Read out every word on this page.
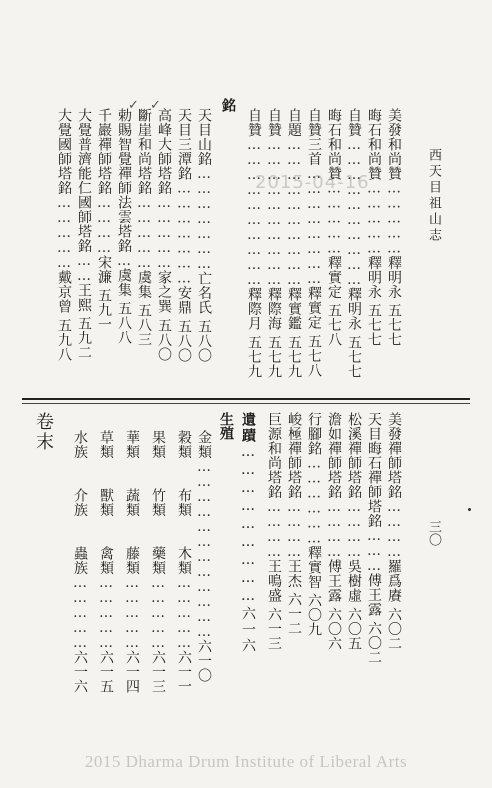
西天目祖山志
2015-04-16
✓ ✓
美發和尚贊……………釋明永五七七
晦石和尚贊……………釋明永五七七
自贊…………………………釋明永五七七
晦石和尚贊……………釋實定五七八
自贊三首……………………釋實定五七八
自題…………………………釋實鑑五七九
自贊…………………………釋際海五七九
自贊…………………………釋際月五七九
銘
天目山銘…………………亡名氏五八〇
天目三潭銘…………………安鼎五八〇
高峰大師塔銘……………家之巽五八〇
斷崖和尚塔銘……………虞集五八三
勅賜智覺禪師法雲塔銘…虞集五八八
千巖禪師塔銘…………宋濂五九一
大覺普濟能仁國師塔銘……王熙五九二
大覺國師塔銘……………戴京曾五九八
三〇
美發禪師塔銘…………羅爲賡六〇二
天目晦石禪師塔銘………傅王露六〇二
松溪禪師塔銘…………吳樹虛六〇五
澹如禪師塔銘…………傅王露六〇六
行腳銘………………釋實智六〇九
峻極禪師塔銘…………王杰六一二
巨源和尚塔銘…………王鳴盛六一三
遺蹟………………………六一六
生殖
金類………………………………六一〇
穀類　　布類　　木類……………六一一
果類　　竹類　　藥類……………六一三
華類　　蔬類　　藤類……………六一四
草類　　獸類　　禽類……………六一五
水族　　介族　　蟲族……………六一六
卷末
2015 Dharma Drum Institute of Liberal Arts
